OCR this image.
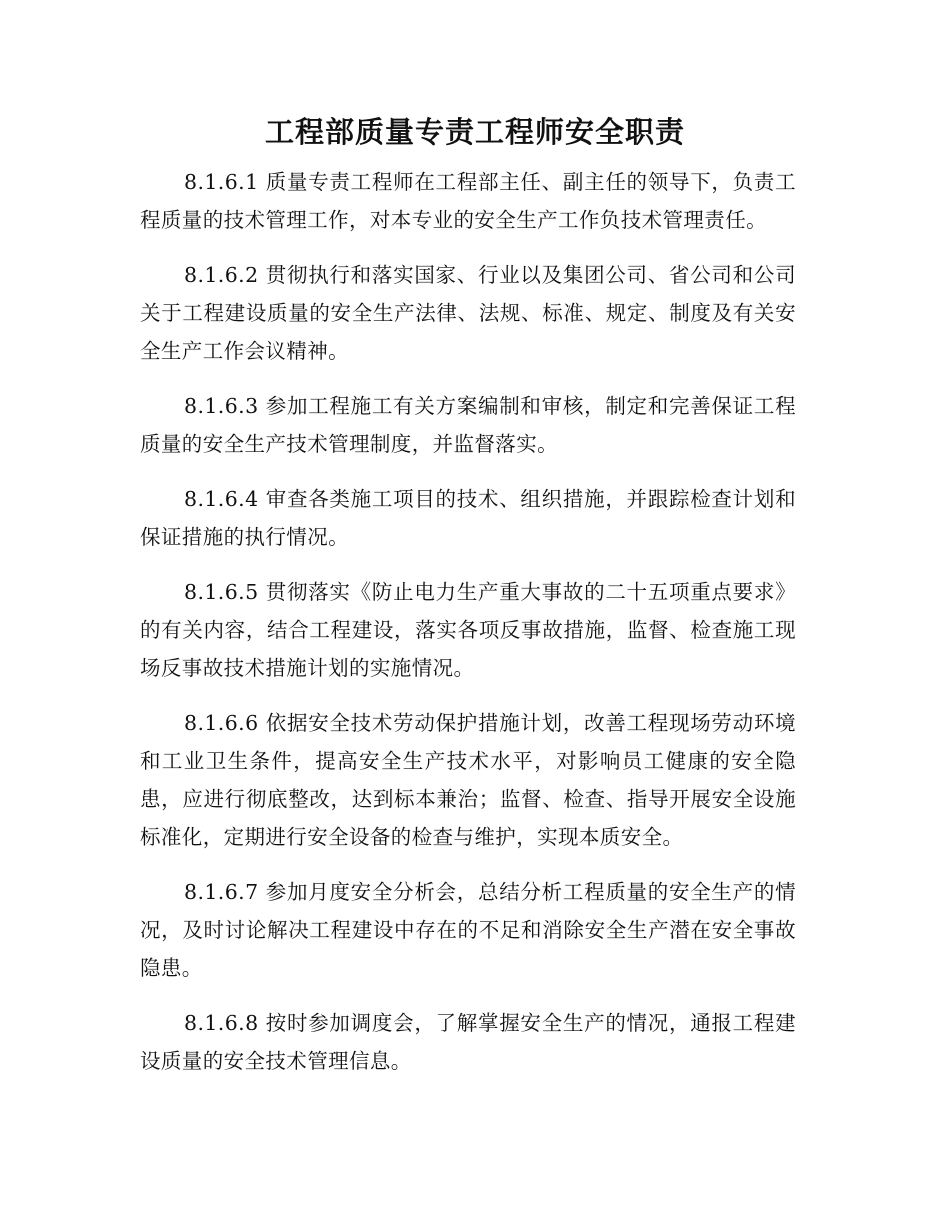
工程部质量专责工程师安全职责

8.1.6.1 质量专责工程师在工程部主任、副主任的领导下，负责工程质量的技术管理工作，对本专业的安全生产工作负技术管理责任。

8.1.6.2 贯彻执行和落实国家、行业以及集团公司、省公司和公司关于工程建设质量的安全生产法律、法规、标准、规定、制度及有关安全生产工作会议精神。

8.1.6.3 参加工程施工有关方案编制和审核，制定和完善保证工程质量的安全生产技术管理制度，并监督落实。

8.1.6.4 审查各类施工项目的技术、组织措施，并跟踪检查计划和保证措施的执行情况。

8.1.6.5 贯彻落实《防止电力生产重大事故的二十五项重点要求》的有关内容，结合工程建设，落实各项反事故措施，监督、检查施工现场反事故技术措施计划的实施情况。

8.1.6.6 依据安全技术劳动保护措施计划，改善工程现场劳动环境和工业卫生条件，提高安全生产技术水平，对影响员工健康的安全隐患，应进行彻底整改，达到标本兼治；监督、检查、指导开展安全设施标准化，定期进行安全设备的检查与维护，实现本质安全。

8.1.6.7 参加月度安全分析会，总结分析工程质量的安全生产的情况，及时讨论解决工程建设中存在的不足和消除安全生产潜在安全事故隐患。

8.1.6.8 按时参加调度会，了解掌握安全生产的情况，通报工程建设质量的安全技术管理信息。
